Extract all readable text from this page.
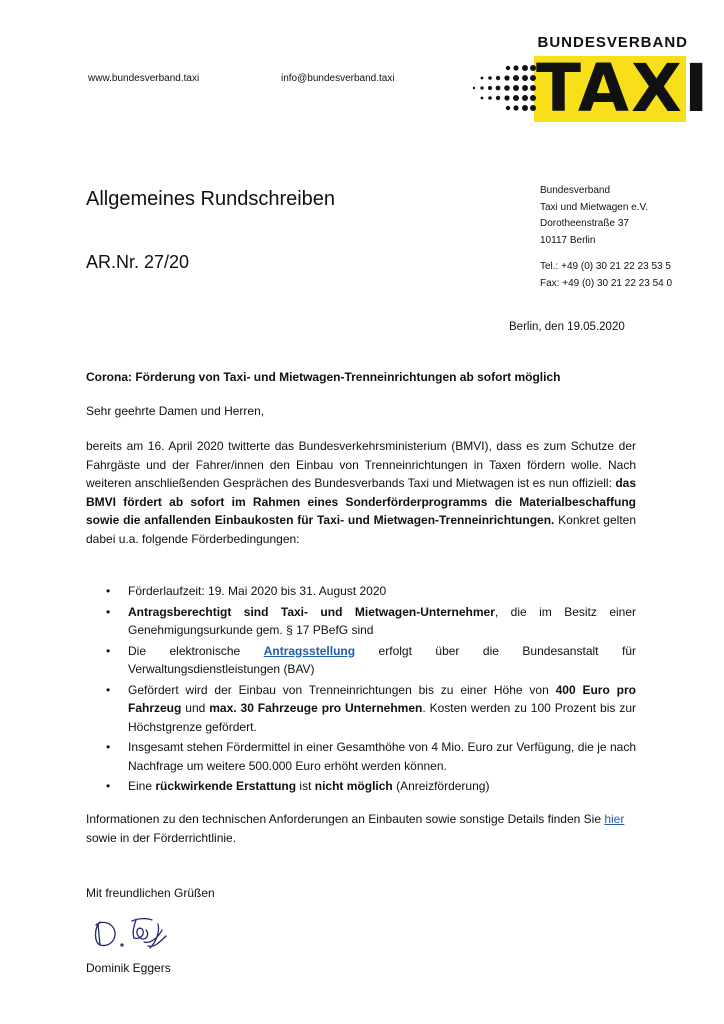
www.bundesverband.taxi	info@bundesverband.taxi
BUNDESVERBAND
TAXI
Allgemeines Rundschreiben
AR.Nr. 27/20
Bundesverband
Taxi und Mietwagen e.V.
Dorotheenstraße 37
10117 Berlin
Tel.: +49 (0) 30 21 22 23 53 5
Fax: +49 (0) 30 21 22 23 54 0
Berlin, den 19.05.2020
Corona: Förderung von Taxi- und Mietwagen-Trenneinrichtungen ab sofort möglich
Sehr geehrte Damen und Herren,
bereits am 16. April 2020 twitterte das Bundesverkehrsministerium (BMVI), dass es zum Schutze der Fahrgäste und der Fahrer/innen den Einbau von Trenneinrichtungen in Taxen fördern wolle. Nach weiteren anschließenden Gesprächen des Bundesverbands Taxi und Mietwagen ist es nun offiziell: das BMVI fördert ab sofort im Rahmen eines Sonderförderprogramms die Materialbeschaffung sowie die anfallenden Einbaukosten für Taxi- und Mietwagen-Trenneinrichtungen. Konkret gelten dabei u.a. folgende Förderbedingungen:
• Förderlaufzeit: 19. Mai 2020 bis 31. August 2020
• Antragsberechtigt sind Taxi- und Mietwagen-Unternehmer, die im Besitz einer Genehmigungsurkunde gem. § 17 PBefG sind
• Die elektronische Antragsstellung erfolgt über die Bundesanstalt für Verwaltungsdienstleistungen (BAV)
• Gefördert wird der Einbau von Trenneinrichtungen bis zu einer Höhe von 400 Euro pro Fahrzeug und max. 30 Fahrzeuge pro Unternehmen. Kosten werden zu 100 Prozent bis zur Höchstgrenze gefördert.
• Insgesamt stehen Fördermittel in einer Gesamthöhe von 4 Mio. Euro zur Verfügung, die je nach Nachfrage um weitere 500.000 Euro erhöht werden können.
• Eine rückwirkende Erstattung ist nicht möglich (Anreizförderung)
Informationen zu den technischen Anforderungen an Einbauten sowie sonstige Details finden Sie hier sowie in der Förderrichtlinie.
Mit freundlichen Grüßen
Dominik Eggers
